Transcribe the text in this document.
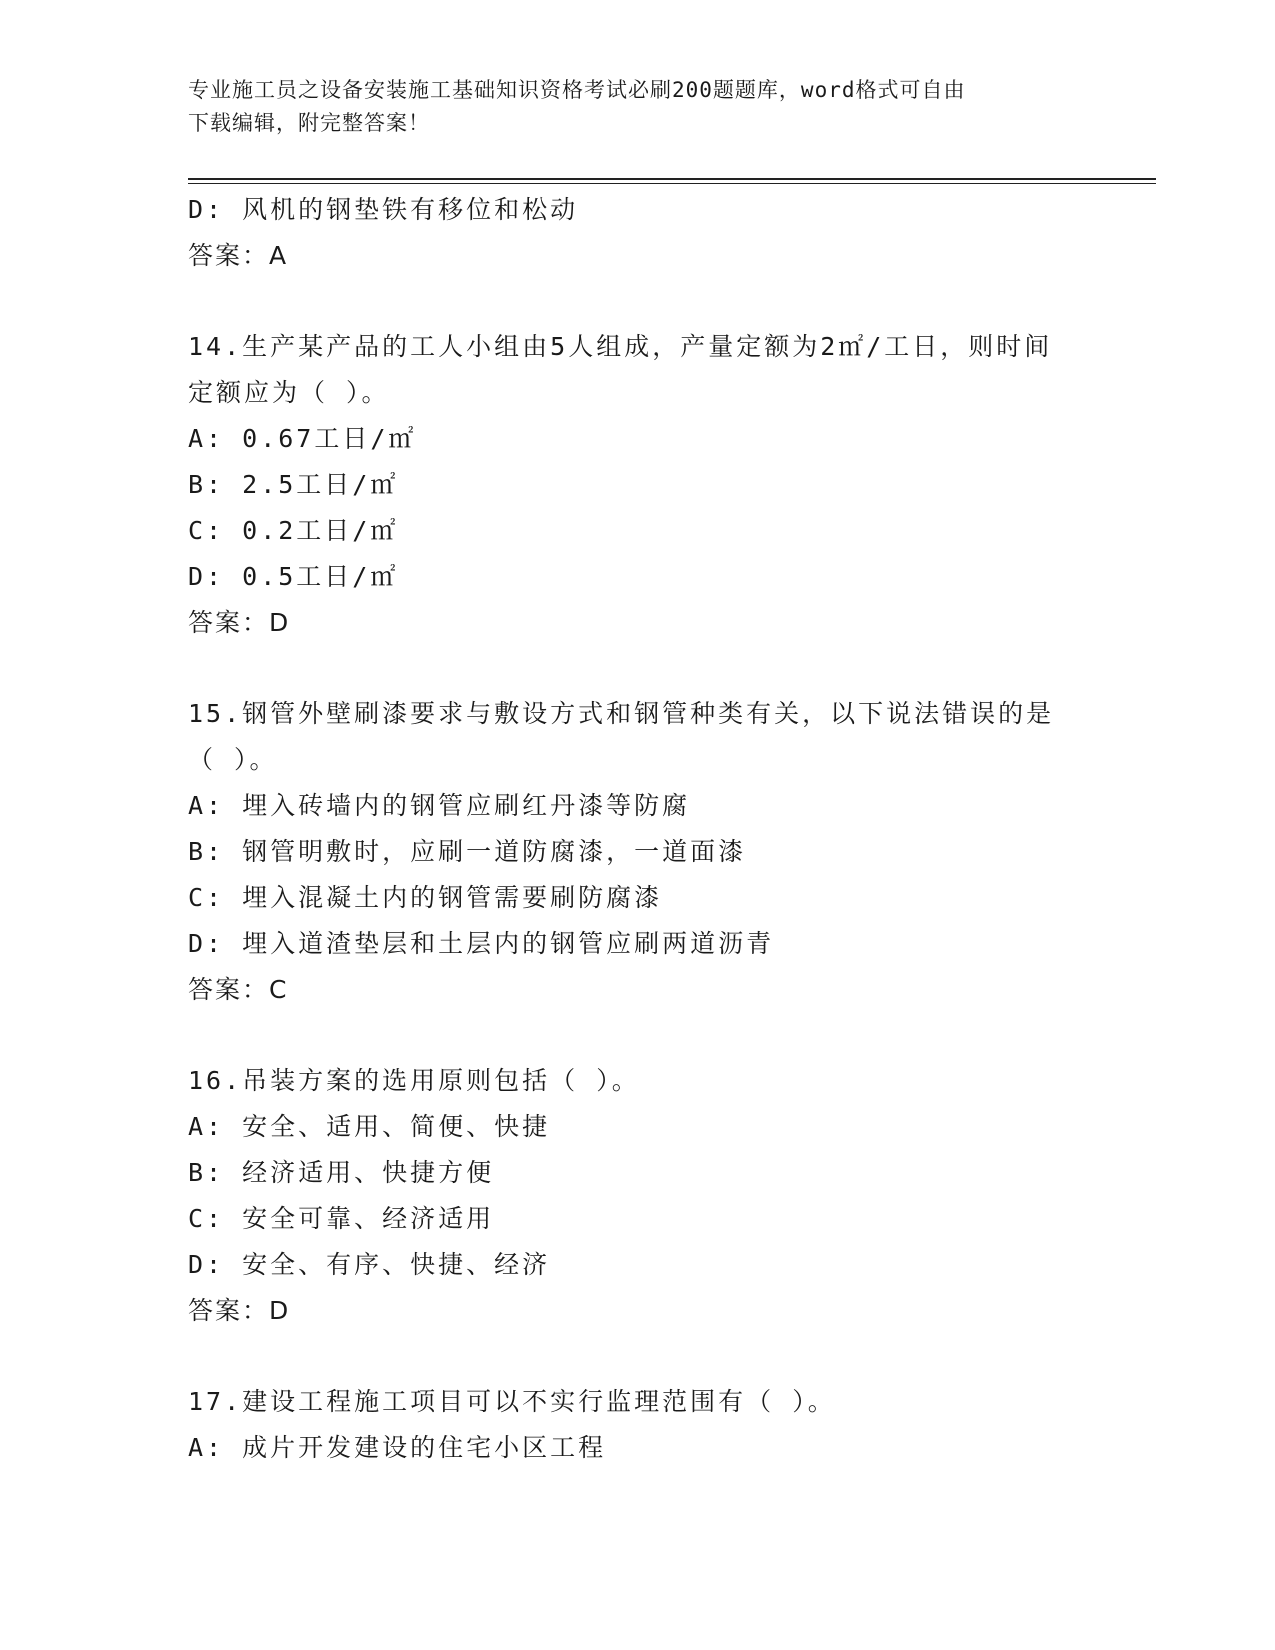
专业施工员之设备安装施工基础知识资格考试必刷200题题库，word格式可自由
下载编辑，附完整答案！

D: 风机的钢垫铁有移位和松动

答案：A

14.生产某产品的工人小组由5人组成，产量定额为2㎡/工日，则时间

定额应为（ ）。

A: 0.67工日/㎡

B: 2.5工日/㎡

C: 0.2工日/㎡

D: 0.5工日/㎡

答案：D

15.钢管外壁刷漆要求与敷设方式和钢管种类有关，以下说法错误的是

（ ）。

A: 埋入砖墙内的钢管应刷红丹漆等防腐

B: 钢管明敷时，应刷一道防腐漆，一道面漆

C: 埋入混凝土内的钢管需要刷防腐漆

D: 埋入道渣垫层和土层内的钢管应刷两道沥青

答案：C

16.吊装方案的选用原则包括（ ）。

A: 安全、适用、简便、快捷

B: 经济适用、快捷方便

C: 安全可靠、经济适用

D: 安全、有序、快捷、经济

答案：D

17.建设工程施工项目可以不实行监理范围有（ ）。

A: 成片开发建设的住宅小区工程
